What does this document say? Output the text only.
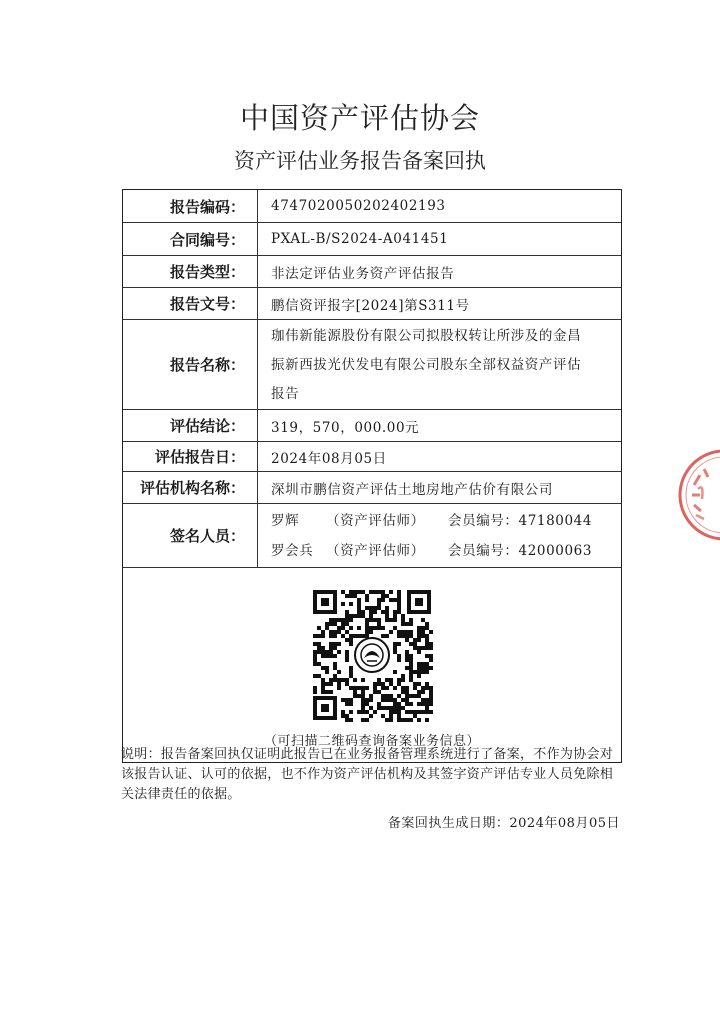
中国资产评估协会
资产评估业务报告备案回执
报告编码：	4747020050202402193
合同编号：	PXAL-B/S2024-A041451
报告类型：	非法定评估业务资产评估报告
报告文号：	鹏信资评报字[2024]第S311号
报告名称：
珈伟新能源股份有限公司拟股权转让所涉及的金昌
振新西拔光伏发电有限公司股东全部权益资产评估
报告
评估结论：	319，570，000.00元
评估报告日：	2024年08月05日
评估机构名称：	深圳市鹏信资产评估土地房地产估价有限公司
签名人员：
罗辉	（资产评估师）	会员编号：47180044
罗会兵 （资产评估师）	会员编号：42000063
（可扫描二维码查询备案业务信息）
说明：报告备案回执仅证明此报告已在业务报备管理系统进行了备案，不作为协会对该报告认证、认可的依据，也不作为资产评估机构及其签字资产评估专业人员免除相关法律责任的依据。
备案回执生成日期：2024年08月05日
